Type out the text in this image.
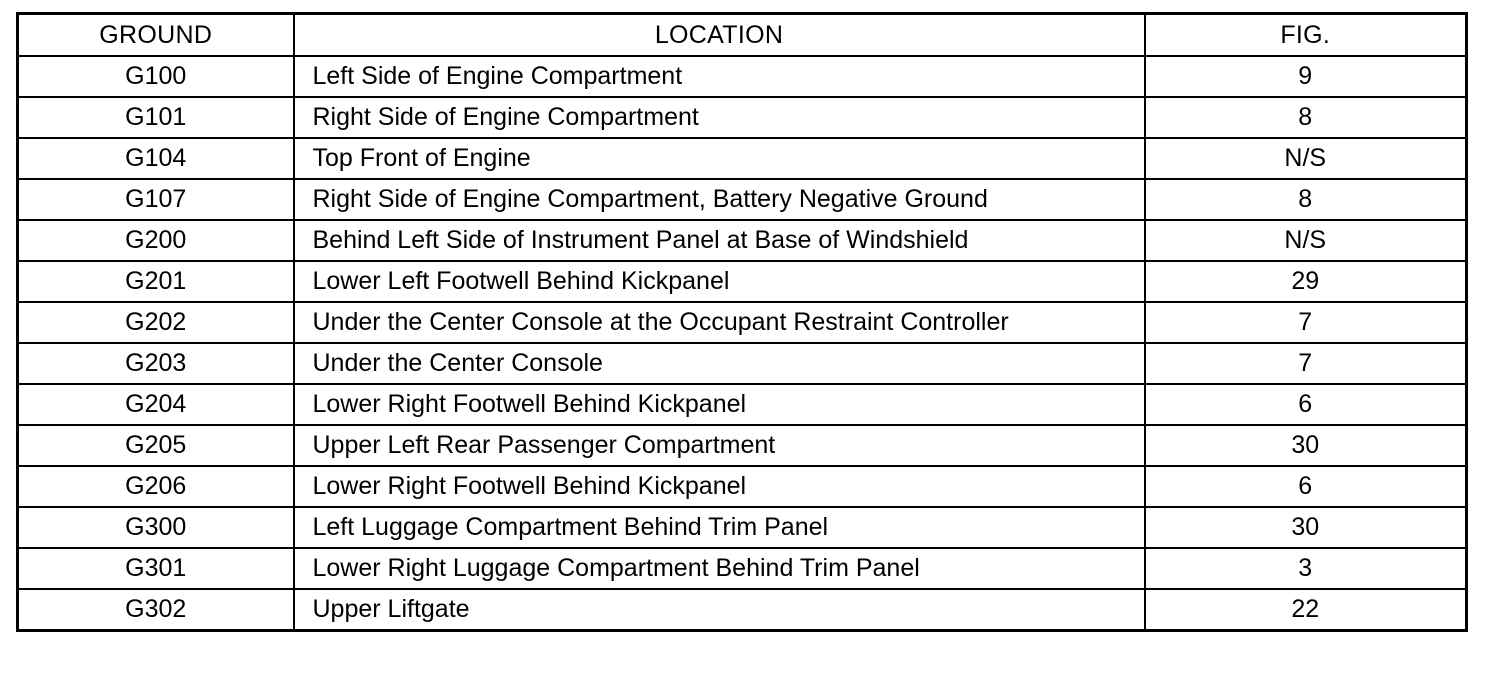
GROUND	LOCATION	FIG.
G100	Left Side of Engine Compartment	9
G101	Right Side of Engine Compartment	8
G104	Top Front of Engine	N/S
G107	Right Side of Engine Compartment, Battery Negative Ground	8
G200	Behind Left Side of Instrument Panel at Base of Windshield	N/S
G201	Lower Left Footwell Behind Kickpanel	29
G202	Under the Center Console at the Occupant Restraint Controller	7
G203	Under the Center Console	7
G204	Lower Right Footwell Behind Kickpanel	6
G205	Upper Left Rear Passenger Compartment	30
G206	Lower Right Footwell Behind Kickpanel	6
G300	Left Luggage Compartment Behind Trim Panel	30
G301	Lower Right Luggage Compartment Behind Trim Panel	3
G302	Upper Liftgate	22
